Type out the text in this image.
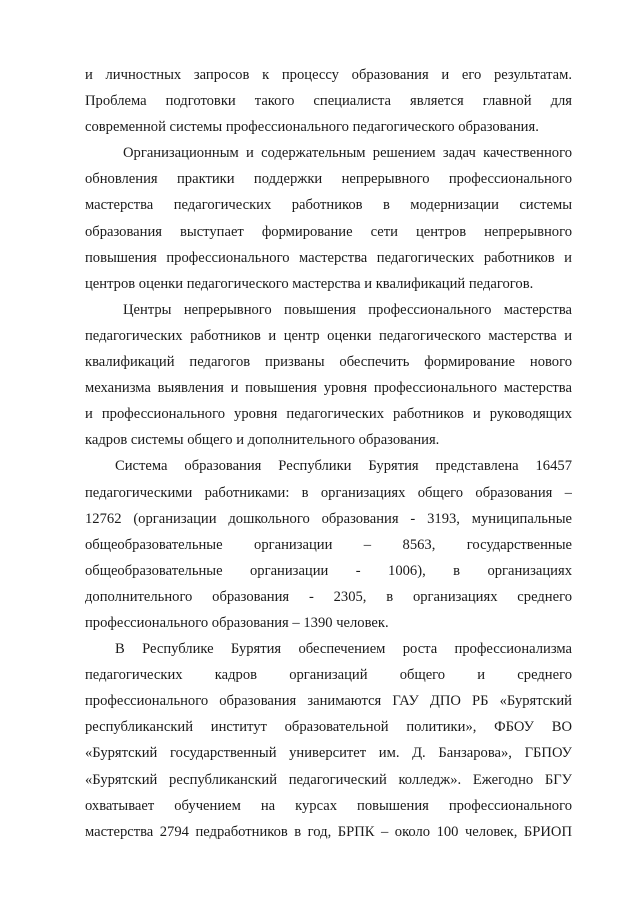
и личностных запросов к процессу образования и его результатам.
Проблема подготовки такого специалиста является главной для
современной системы профессионального педагогического образования.
Организационным и содержательным решением задач качественного
обновления практики поддержки непрерывного профессионального
мастерства педагогических работников в модернизации системы
образования выступает формирование сети центров непрерывного
повышения профессионального мастерства педагогических работников и
центров оценки педагогического мастерства и квалификаций педагогов.
Центры непрерывного повышения профессионального мастерства
педагогических работников и центр оценки педагогического мастерства и
квалификаций педагогов призваны обеспечить формирование нового
механизма выявления и повышения уровня профессионального мастерства
и профессионального уровня педагогических работников и руководящих
кадров системы общего и дополнительного образования.
Система образования Республики Бурятия представлена 16457
педагогическими работниками: в организациях общего образования –
12762 (организации дошкольного образования - 3193, муниципальные
общеобразовательные организации – 8563, государственные
общеобразовательные организации - 1006), в организациях
дополнительного образования - 2305, в организациях среднего
профессионального образования – 1390 человек.
В Республике Бурятия обеспечением роста профессионализма
педагогических кадров организаций общего и среднего
профессионального образования занимаются ГАУ ДПО РБ «Бурятский
республиканский институт образовательной политики», ФБОУ ВО
«Бурятский государственный университет им. Д. Банзарова», ГБПОУ
«Бурятский республиканский педагогический колледж». Ежегодно БГУ
охватывает обучением на курсах повышения профессионального
мастерства 2794 педработников в год, БРПК – около 100 человек, БРИОП
